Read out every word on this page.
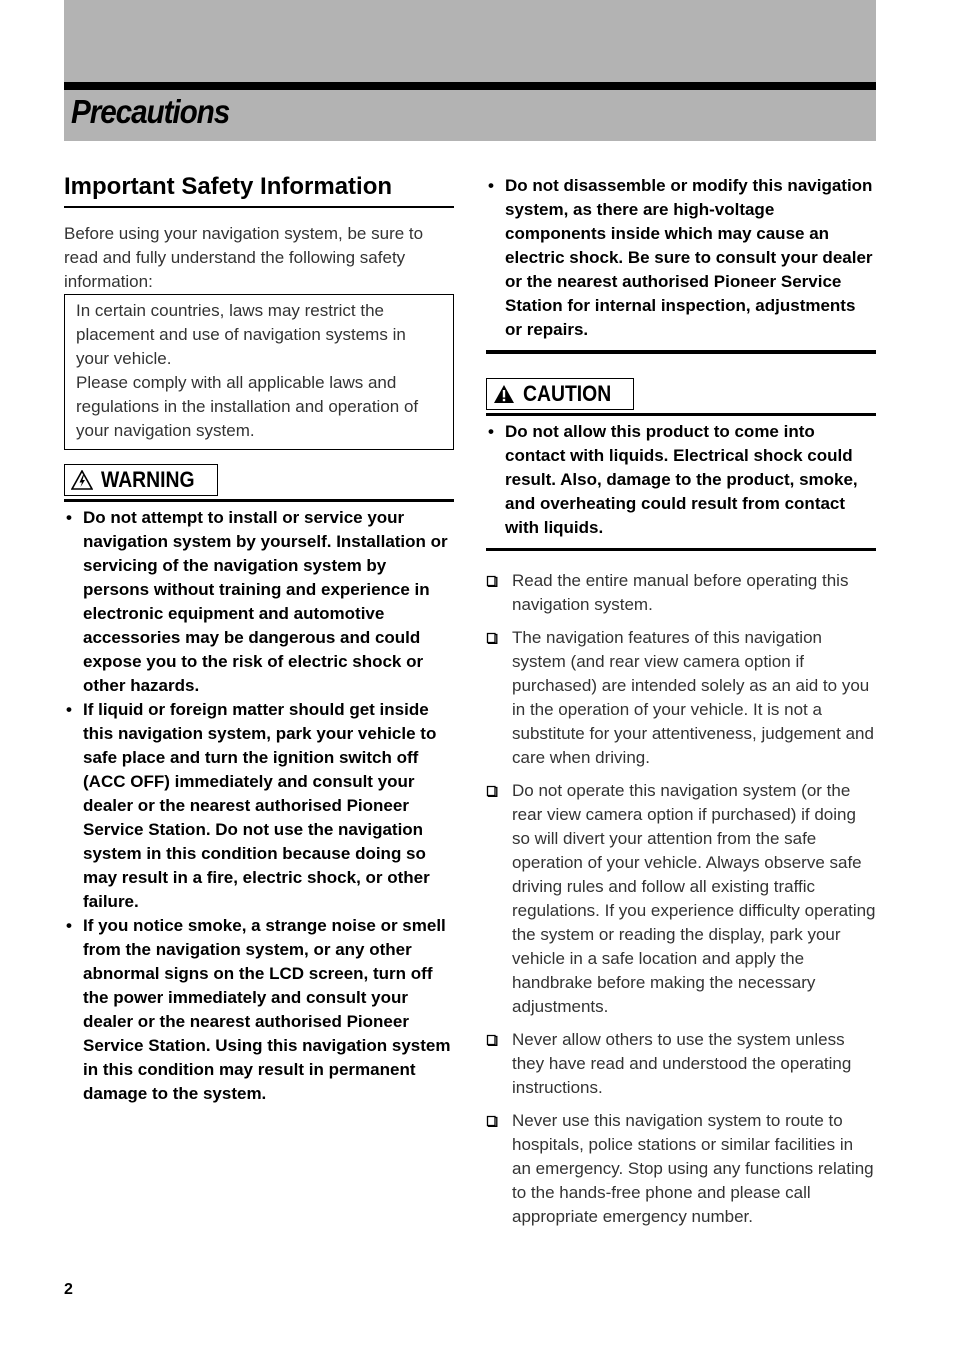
Precautions
Important Safety Information

Before using your navigation system, be sure to read and fully understand the following safety information:

In certain countries, laws may restrict the placement and use of navigation systems in your vehicle.

Please comply with all applicable laws and regulations in the installation and operation of your navigation system.

WARNING
• Do not attempt to install or service your navigation system by yourself. Installation or servicing of the navigation system by persons without training and experience in electronic equipment and automotive accessories may be dangerous and could expose you to the risk of electric shock or other hazards.
• If liquid or foreign matter should get inside this navigation system, park your vehicle to safe place and turn the ignition switch off (ACC OFF) immediately and consult your dealer or the nearest authorised Pioneer Service Station. Do not use the navigation system in this condition because doing so may result in a fire, electric shock, or other failure.
• If you notice smoke, a strange noise or smell from the navigation system, or any other abnormal signs on the LCD screen, turn off the power immediately and consult your dealer or the nearest authorised Pioneer Service Station. Using this navigation system in this condition may result in permanent damage to the system.
• Do not disassemble or modify this navigation system, as there are high-voltage components inside which may cause an electric shock. Be sure to consult your dealer or the nearest authorised Pioneer Service Station for internal inspection, adjustments or repairs.
CAUTION
• Do not allow this product to come into contact with liquids. Electrical shock could result. Also, damage to the product, smoke, and overheating could result from contact with liquids.
Read the entire manual before operating this navigation system.
The navigation features of this navigation system (and rear view camera option if purchased) are intended solely as an aid to you in the operation of your vehicle. It is not a substitute for your attentiveness, judgement and care when driving.
Do not operate this navigation system (or the rear view camera option if purchased) if doing so will divert your attention from the safe operation of your vehicle. Always observe safe driving rules and follow all existing traffic regulations. If you experience difficulty operating the system or reading the display, park your vehicle in a safe location and apply the handbrake before making the necessary adjustments.
Never allow others to use the system unless they have read and understood the operating instructions.
Never use this navigation system to route to hospitals, police stations or similar facilities in an emergency. Stop using any functions relating to the hands-free phone and please call appropriate emergency number.
2
